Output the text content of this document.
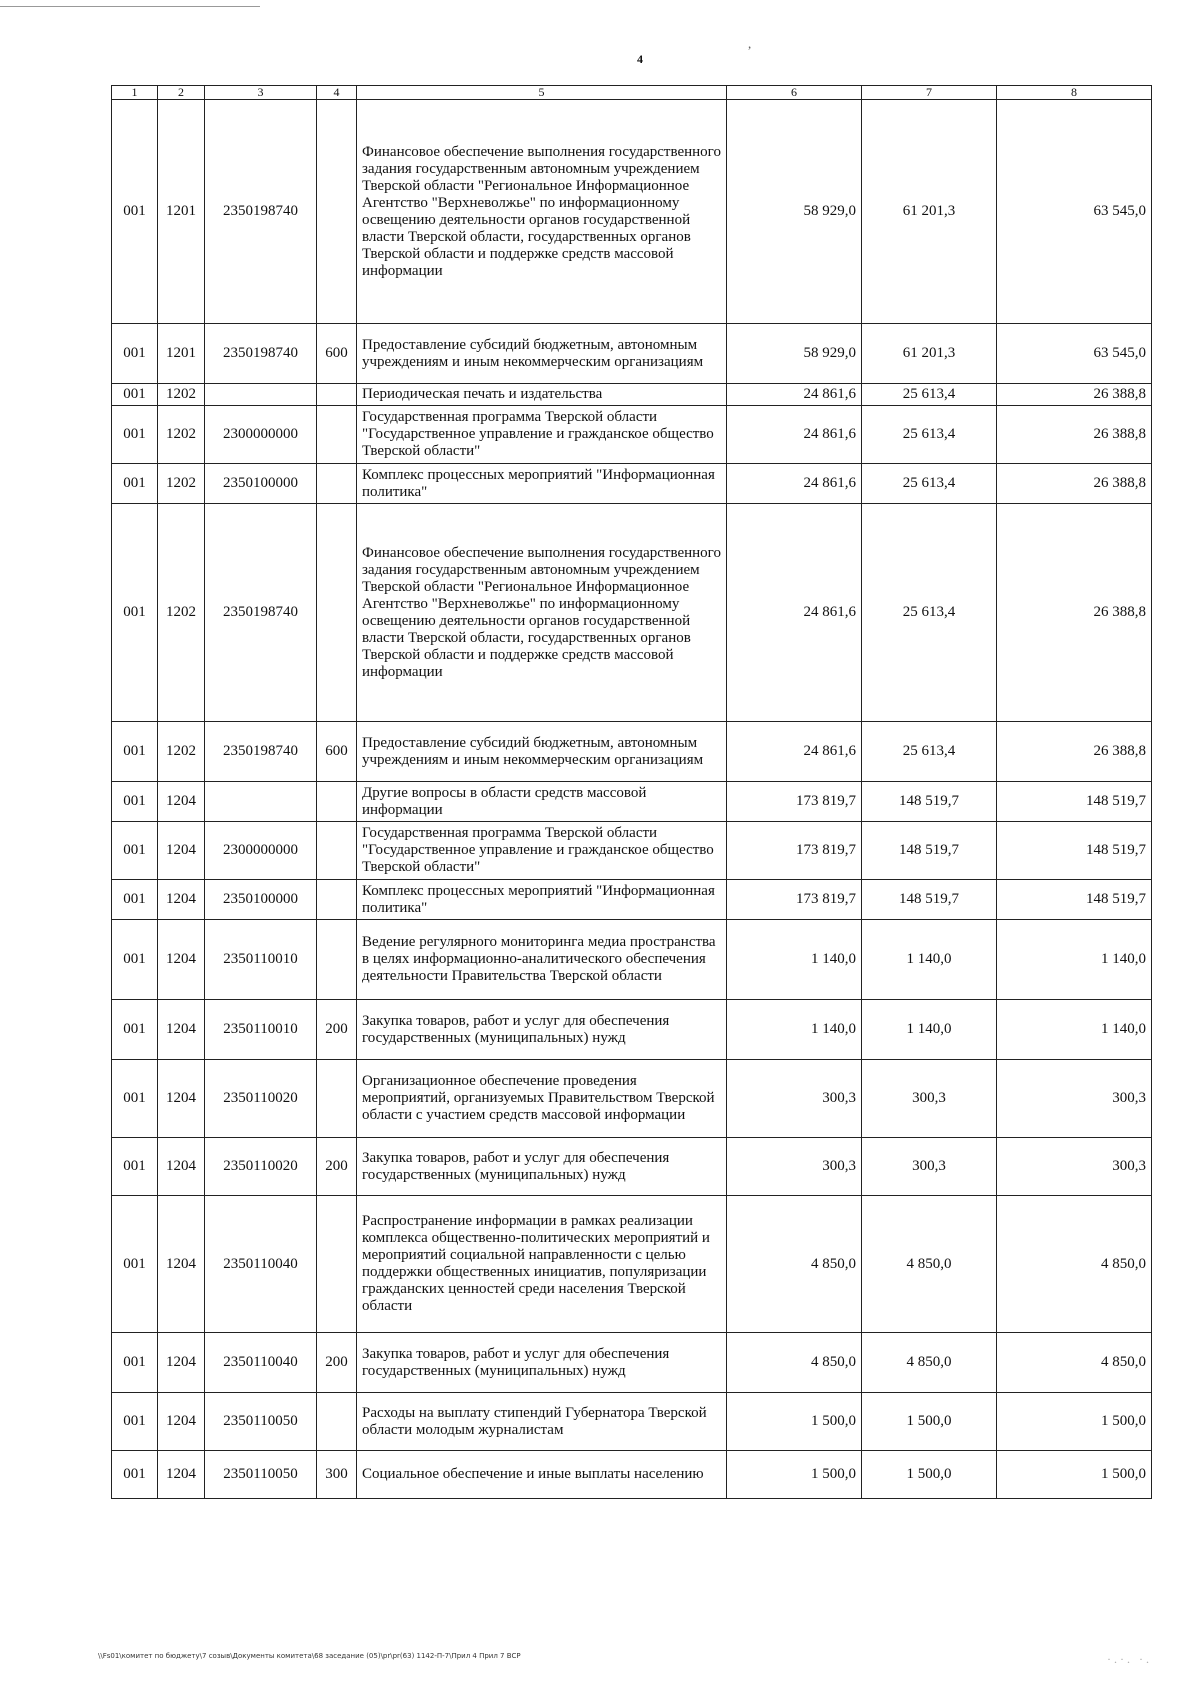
,
4
1	2	3	4	5	6	7	8
001	1201	2350198740		Финансовое обеспечение выполнения государственного задания государственным автономным учреждением Тверской области "Региональное Информационное Агентство "Верхневолжье" по информационному освещению деятельности органов государственной власти Тверской области, государственных органов Тверской области и поддержке средств массовой информации	58 929,0	61 201,3	63 545,0
001	1201	2350198740	600	Предоставление субсидий бюджетным, автономным учреждениям и иным некоммерческим организациям	58 929,0	61 201,3	63 545,0
001	1202			Периодическая печать и издательства	24 861,6	25 613,4	26 388,8
001	1202	2300000000		Государственная программа Тверской области "Государственное управление и гражданское общество Тверской области"	24 861,6	25 613,4	26 388,8
001	1202	2350100000		Комплекс процессных мероприятий "Информационная политика"	24 861,6	25 613,4	26 388,8
001	1202	2350198740		Финансовое обеспечение выполнения государственного задания государственным автономным учреждением Тверской области "Региональное Информационное Агентство "Верхневолжье" по информационному освещению деятельности органов государственной власти Тверской области, государственных органов Тверской области и поддержке средств массовой информации	24 861,6	25 613,4	26 388,8
001	1202	2350198740	600	Предоставление субсидий бюджетным, автономным учреждениям и иным некоммерческим организациям	24 861,6	25 613,4	26 388,8
001	1204			Другие вопросы в области средств массовой информации	173 819,7	148 519,7	148 519,7
001	1204	2300000000		Государственная программа Тверской области "Государственное управление и гражданское общество Тверской области"	173 819,7	148 519,7	148 519,7
001	1204	2350100000		Комплекс процессных мероприятий "Информационная политика"	173 819,7	148 519,7	148 519,7
001	1204	2350110010		Ведение регулярного мониторинга медиа пространства в целях информационно-аналитического обеспечения деятельности Правительства Тверской области	1 140,0	1 140,0	1 140,0
001	1204	2350110010	200	Закупка товаров, работ и услуг для обеспечения государственных (муниципальных) нужд	1 140,0	1 140,0	1 140,0
001	1204	2350110020		Организационное обеспечение проведения мероприятий, организуемых Правительством Тверской области с участием средств массовой информации	300,3	300,3	300,3
001	1204	2350110020	200	Закупка товаров, работ и услуг для обеспечения государственных (муниципальных) нужд	300,3	300,3	300,3
001	1204	2350110040		Распространение информации в рамках реализации комплекса общественно-политических мероприятий и мероприятий социальной направленности с целью поддержки общественных инициатив, популяризации гражданских ценностей среди населения Тверской области	4 850,0	4 850,0	4 850,0
001	1204	2350110040	200	Закупка товаров, работ и услуг для обеспечения государственных (муниципальных) нужд	4 850,0	4 850,0	4 850,0
001	1204	2350110050		Расходы на выплату стипендий Губернатора Тверской области молодым журналистам	1 500,0	1 500,0	1 500,0
001	1204	2350110050	300	Социальное обеспечение и иные выплаты населению	1 500,0	1 500,0	1 500,0
\\Fs01\комитет по бюджету\7 созыв\Документы комитета\68 заседание (05)\pr\pr(63) 1142-П-7\Прил 4 Прил 7 ВСР	·.·. ·.
